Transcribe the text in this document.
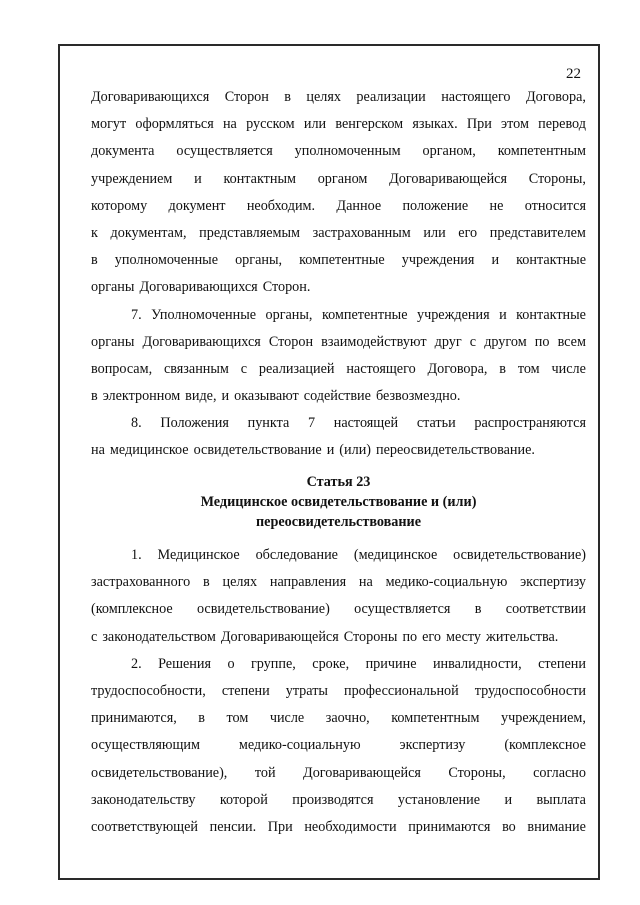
22
Договаривающихся Сторон в целях реализации настоящего Договора,
могут оформляться на русском или венгерском языках. При этом перевод
документа осуществляется уполномоченным органом, компетентным
учреждением и контактным органом Договаривающейся Стороны,
которому документ необходим. Данное положение не относится
к документам, представляемым застрахованным или его представителем
в уполномоченные органы, компетентные учреждения и контактные
органы Договаривающихся Сторон.
7. Уполномоченные органы, компетентные учреждения и контактные
органы Договаривающихся Сторон взаимодействуют друг с другом по всем
вопросам, связанным с реализацией настоящего Договора, в том числе
в электронном виде, и оказывают содействие безвозмездно.
8. Положения пункта 7 настоящей статьи распространяются
на медицинское освидетельствование и (или) переосвидетельствование.
Статья 23
Медицинское освидетельствование и (или)
переосвидетельствование
1. Медицинское обследование (медицинское освидетельствование)
застрахованного в целях направления на медико-социальную экспертизу
(комплексное освидетельствование) осуществляется в соответствии
с законодательством Договаривающейся Стороны по его месту жительства.
2. Решения о группе, сроке, причине инвалидности, степени
трудоспособности, степени утраты профессиональной трудоспособности
принимаются, в том числе заочно, компетентным учреждением,
осуществляющим	медико-социальную	экспертизу	(комплексное
освидетельствование), той Договаривающейся Стороны, согласно
законодательству которой производятся установление и выплата
соответствующей пенсии. При необходимости принимаются во внимание
